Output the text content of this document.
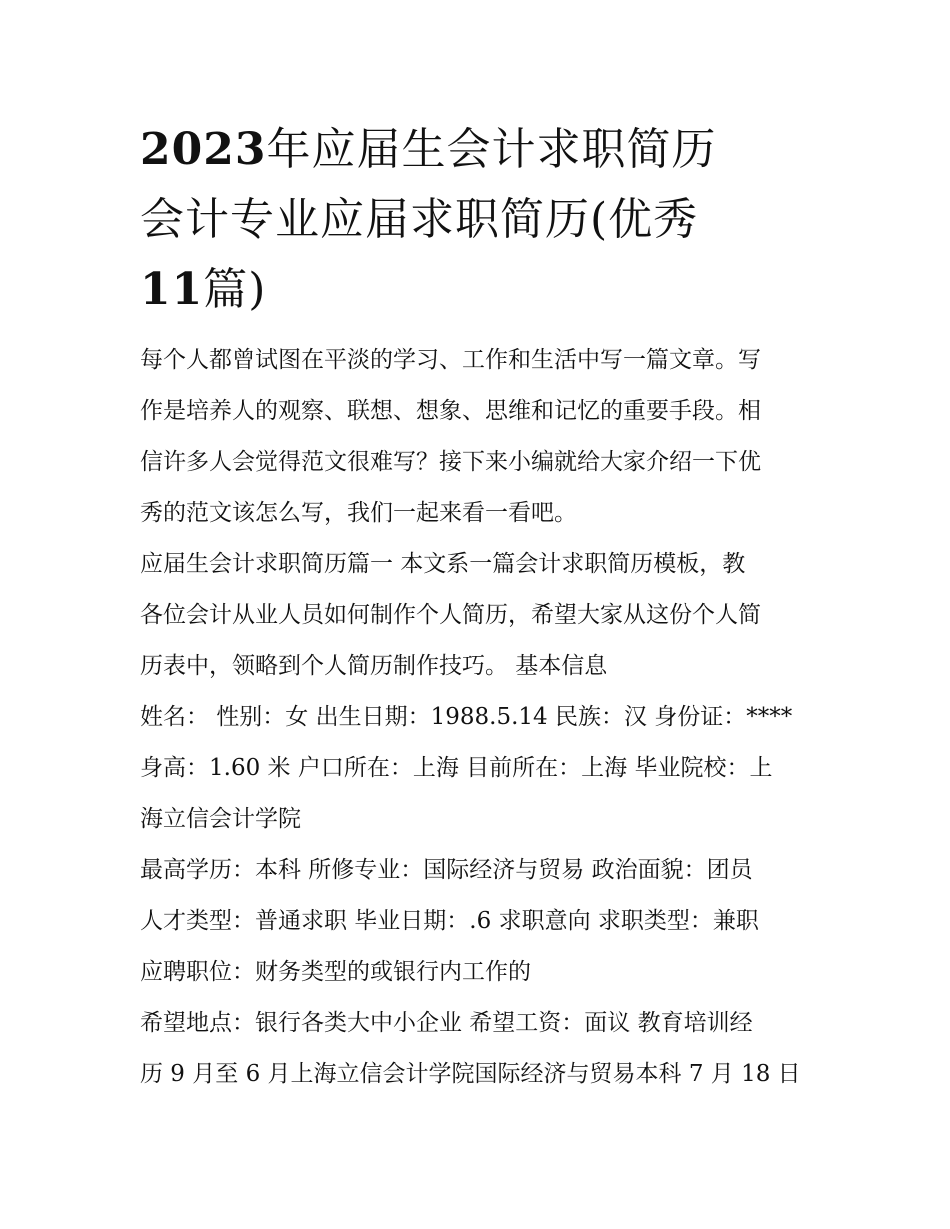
2023年应届生会计求职简历
会计专业应届求职简历(优秀
11篇)

每个人都曾试图在平淡的学习、工作和生活中写一篇文章。写
作是培养人的观察、联想、想象、思维和记忆的重要手段。相
信许多人会觉得范文很难写？接下来小编就给大家介绍一下优
秀的范文该怎么写，我们一起来看一看吧。

应届生会计求职简历篇一 本文系一篇会计求职简历模板，教
各位会计从业人员如何制作个人简历，希望大家从这份个人简
历表中，领略到个人简历制作技巧。 基本信息

姓名： 性别：女 出生日期：1988.5.14 民族：汉 身份证：****
身高：1.60 米 户口所在：上海 目前所在：上海 毕业院校：上
海立信会计学院

最高学历：本科 所修专业：国际经济与贸易 政治面貌：团员
人才类型：普通求职 毕业日期：.6 求职意向 求职类型：兼职
应聘职位：财务类型的́或银行内工作的

希望地点：银行各类大中小企业 希望工资：面议 教育培训经
历 9 月至 6 月上海立信会计学院国际经济与贸易本科 7 月 18 日
